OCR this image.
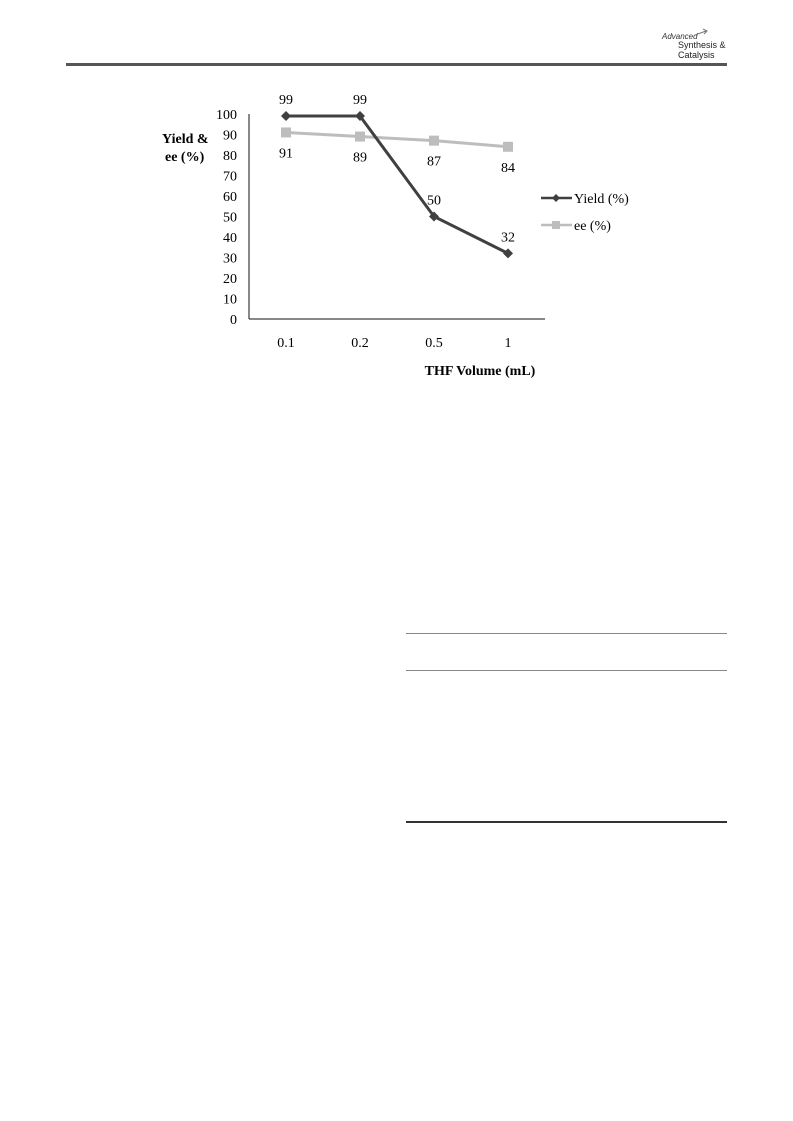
Advanced
Synthesis &
Catalysis
Yield &
ee (%)
0
10
20
30
40
50
60
70
80
90
100
0.1	0.2	0.5	1
91	89	87	84
99	99
50
32
THF Volume (mL)
Yield (%)
ee (%)
